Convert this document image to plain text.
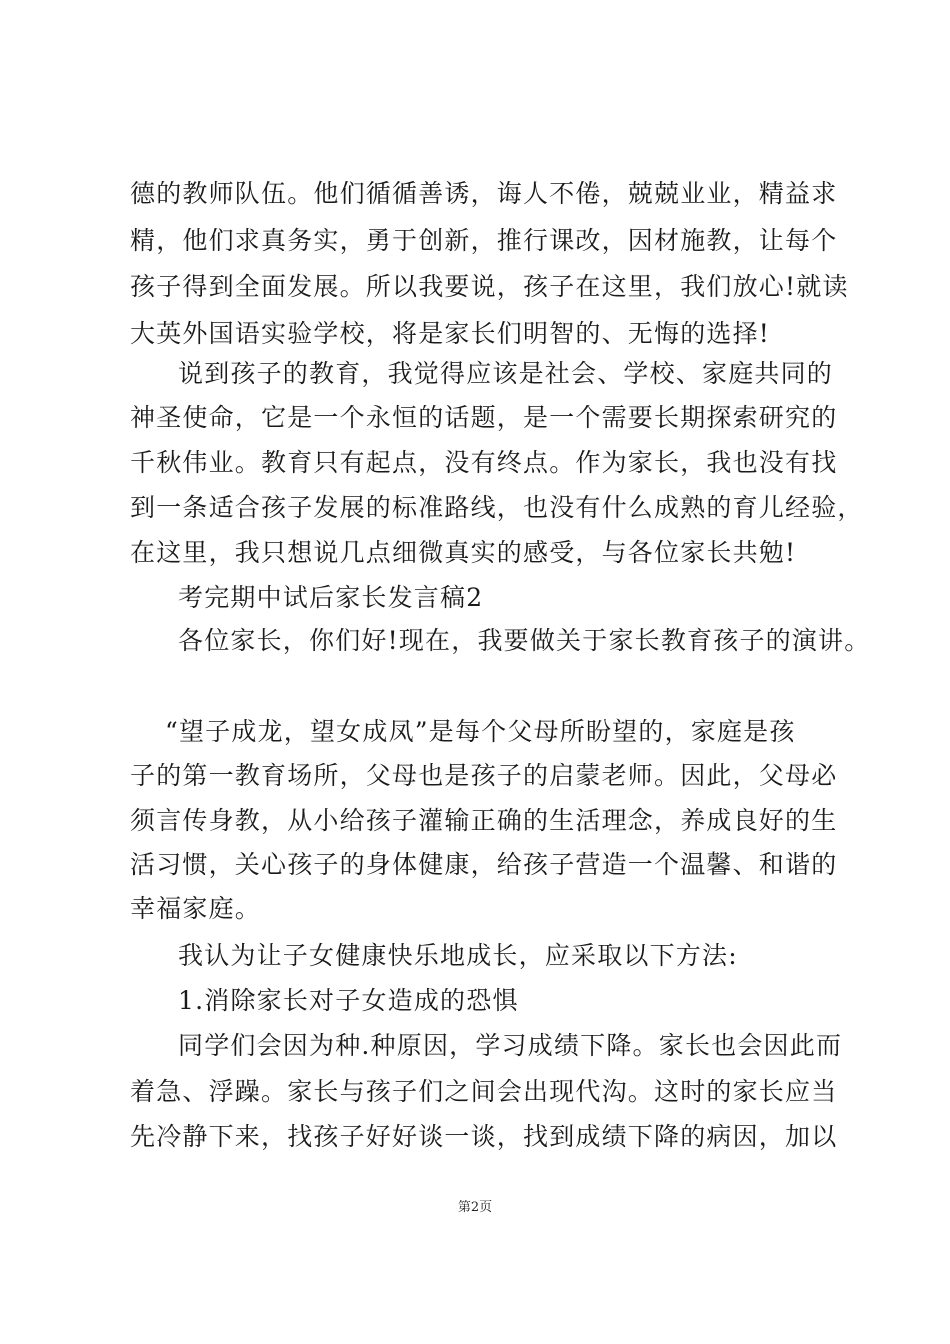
德的教师队伍。他们循循善诱，诲人不倦，兢兢业业，精益求
精，他们求真务实，勇于创新，推行课改，因材施教，让每个
孩子得到全面发展。所以我要说，孩子在这里，我们放心!就读
大英外国语实验学校，将是家长们明智的、无悔的选择!
说到孩子的教育，我觉得应该是社会、学校、家庭共同的
神圣使命，它是一个永恒的话题，是一个需要长期探索研究的
千秋伟业。教育只有起点，没有终点。作为家长，我也没有找
到一条适合孩子发展的标准路线，也没有什么成熟的育儿经验，
在这里，我只想说几点细微真实的感受，与各位家长共勉!
考完期中试后家长发言稿2
各位家长，你们好!现在，我要做关于家长教育孩子的演讲。
“望子成龙，望女成凤”是每个父母所盼望的，家庭是孩
子的第一教育场所，父母也是孩子的启蒙老师。因此，父母必
须言传身教，从小给孩子灌输正确的生活理念，养成良好的生
活习惯，关心孩子的身体健康，给孩子营造一个温馨、和谐的
幸福家庭。
我认为让子女健康快乐地成长，应采取以下方法:
1.消除家长对子女造成的恐惧
同学们会因为种.种原因，学习成绩下降。家长也会因此而
着急、浮躁。家长与孩子们之间会出现代沟。这时的家长应当
先冷静下来，找孩子好好谈一谈，找到成绩下降的病因，加以
第2页
